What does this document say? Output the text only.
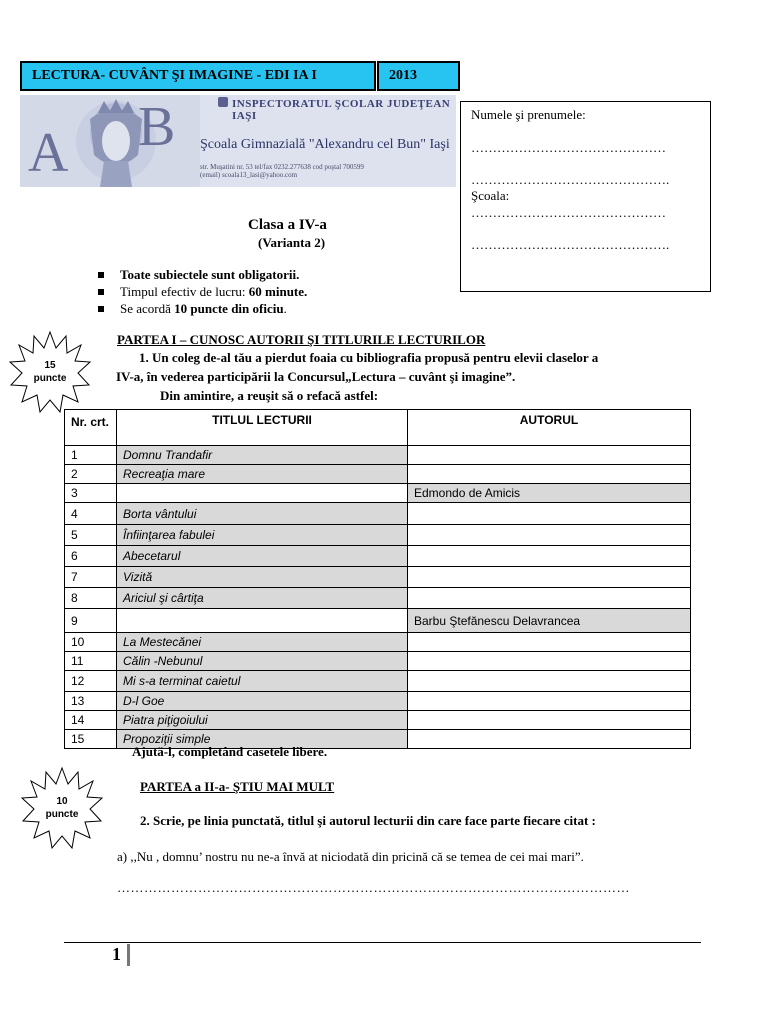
LECTURA- CUVÂNT ŞI IMAGINE - EDI IA I	2013
A B	INSPECTORATUL ŞCOLAR JUDEŢEAN IAŞI
Şcoala Gimnazială "Alexandru cel Bun" Iaşi
str. Muşatini nr. 53 tel/fax 0232.277638 cod poştal 700599
(email) scoala13_lasi@yahoo.com
Numele şi prenumele:
………………………………………
……………………………………….
Şcoala:
………………………………………
……………………………………….
Clasa a IV-a
(Varianta 2)
Toate subiectele sunt obligatorii.
Timpul efectiv de lucru:
60 minute.
Se acordă
10 puncte din oficiu .
15
puncte
PARTEA I – CUNOSC AUTORII ŞI TITLURILE LECTURILOR
1. Un coleg de-al tău a pierdut foaia cu bibliografia propusă pentru elevii claselor a
IV-a, în vederea participării la Concursul„Lectura – cuvânt şi imagine”.
Din amintire, a reuşit să o refacă astfel:
Nr. crt.	TITLUL LECTURII	AUTORUL
1	Domnu Trandafir	
2	Recreaţia mare	
3		Edmondo de Amicis
4	Borta vântului	
5	Înfiinţarea fabulei	
6	Abecetarul	
7	Vizită	
8	Ariciul şi cârtiţa	
9		Barbu Ştefănescu Delavrancea
10	La Mestecănei	
11	Călin -Nebunul	
12	Mi s-a terminat caietul	
13	D-l Goe	
14	Piatra piţigoiului	
15	Propoziţii simple	
Ajută-l, completând casetele libere.
10
puncte
PARTEA a II-a- ŞTIU MAI MULT
2. Scrie, pe linia punctată, titlul şi autorul lecturii din care face parte fiecare citat :
a) ,,Nu , domnu’ nostru nu ne-a învă at niciodată din pricină că se temea de cei mai mari”.
……………………………………………………………………………………………………
1
